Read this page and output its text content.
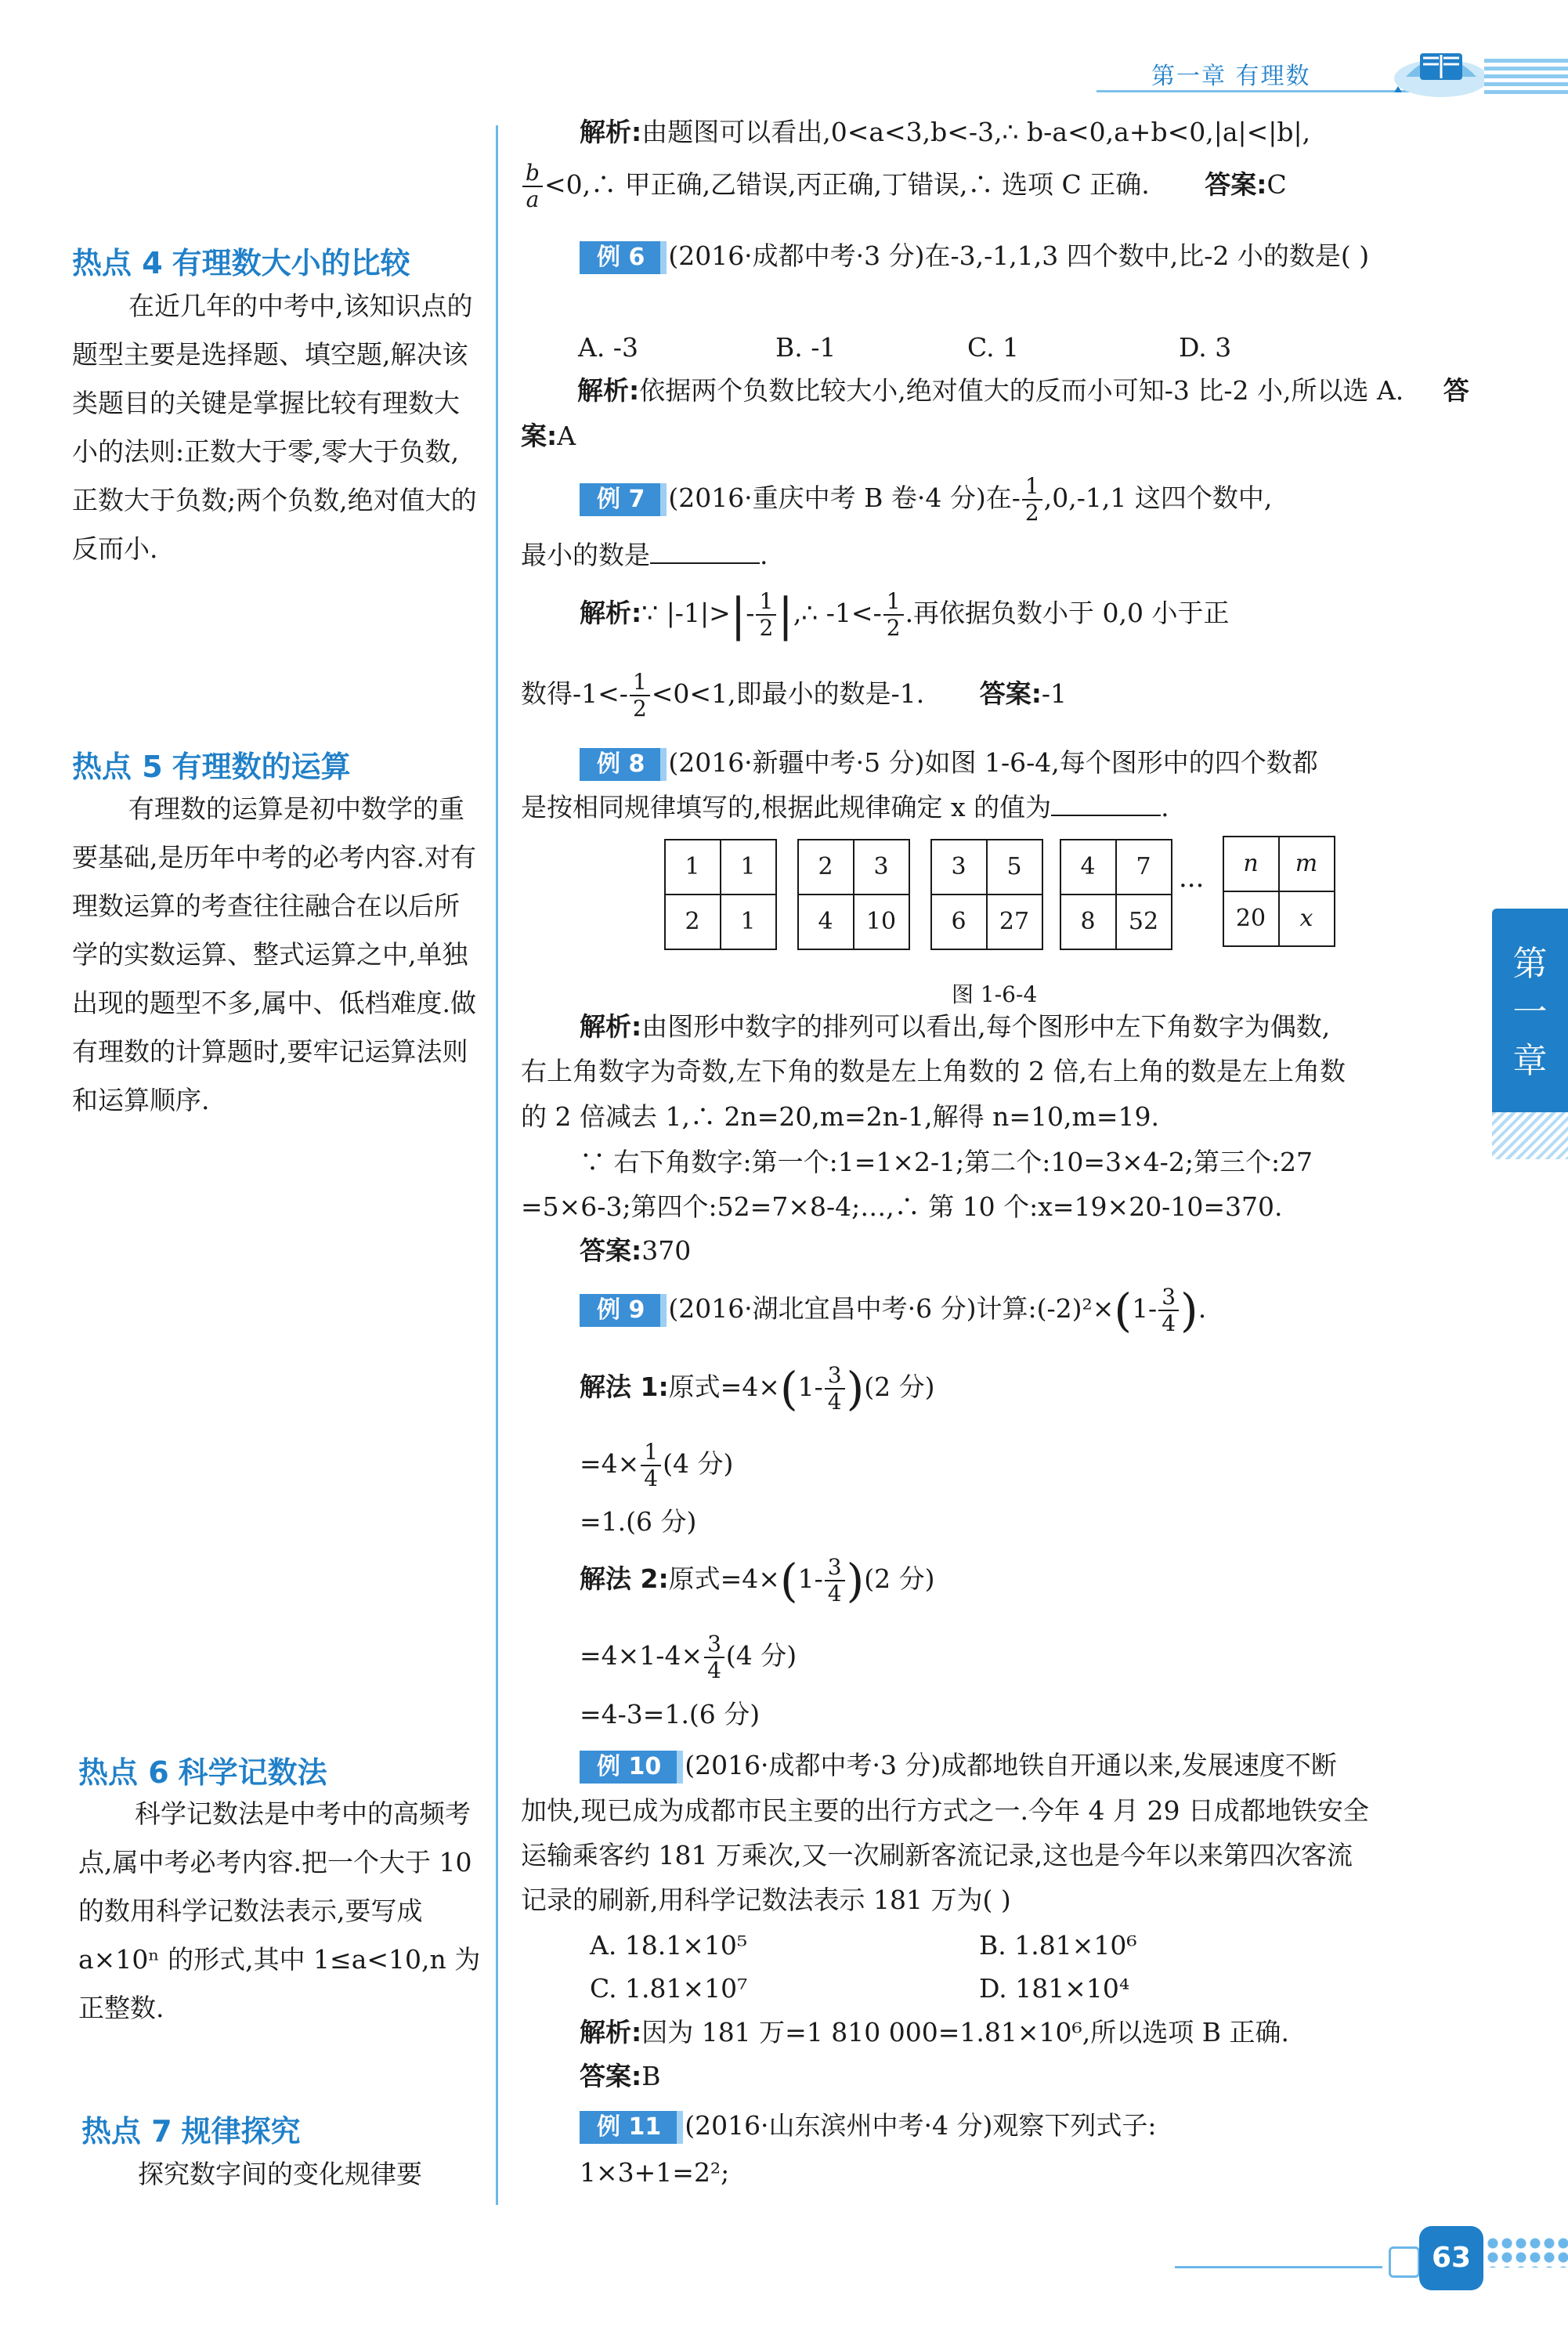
第一章 有理数
第一章
热点 4 有理数大小的比较
在近几年的中考中,该知识点的题型主要是选择题、填空题,解决该类题目的关键是掌握比较有理数大小的法则:正数大于零,零大于负数,正数大于负数;两个负数,绝对值大的反而小.
热点 5 有理数的运算
有理数的运算是初中数学的重要基础,是历年中考的必考内容.对有理数运算的考查往往融合在以后所学的实数运算、整式运算之中,单独出现的题型不多,属中、低档难度.做有理数的计算题时,要牢记运算法则和运算顺序.
热点 6 科学记数法
科学记数法是中考中的高频考点,属中考必考内容.把一个大于 10 的数用科学记数法表示,要写成a×10ⁿ 的形式,其中 1≤a<10,n 为正整数.
热点 7 规律探究
探究数字间的变化规律要
解析:由题图可以看出,0<a<3,b<-3,∴ b-a<0,a+b<0,|a|<|b|,
$\frac{b}{a}$ <0,∴ 甲正确,乙错误,丙正确,丁错误,∴ 选项 C 正确. 答案:C
例 6 (2016·成都中考·3 分)在-3,-1,1,3 四个数中,比-2 小的数是( )
A. -3	B. -1	C. 1	D. 3
解析:依据两个负数比较大小,绝对值大的反而小可知-3 比-2 小,所以选 A. 答案:A
例 7 (2016·重庆中考 B 卷·4 分)在- $\frac{1}{2} ,0,-1,1$ 这四个数中,
最小的数是	.
解析:∵ $|-1|>|- \frac{1}{2}$ |,∴ $-1<- \frac{1}{2}$ .再依据负数小于 0,0 小于正
数得$-1<- \frac{1}{2} <0<1$,即最小的数是-1. 答案:-1
例 8 (2016·新疆中考·5 分)如图 1-6-4,每个图形中的四个数都
是按相同规律填写的,根据此规律确定 x 的值为	.
1	1
2	1
2	3
4	10
3	5
6	27
4	7
8	52
···
n	m
20	x
图 1-6-4
解析:由图形中数字的排列可以看出,每个图形中左下角数字为偶数,
右上角数字为奇数,左下角的数是左上角数的 2 倍,右上角的数是左上角数
的 2 倍减去 1,∴ 2n=20,m=2n-1,解得 n=10,m=19.
∵ 右下角数字:第一个:1=1×2-1;第二个:10=3×4-2;第三个:27
=5×6-3;第四个:52=7×8-4;…,∴ 第 10 个:x=19×20-10=370.
答案:370
例 9 (2016·湖北宜昌中考·6 分)计算:(-2)²×(1- $\frac{3}{4}$ ).
解法 1:原式$=4\times(1- \frac{3}{4} )(2$ 分)
$=4\times \frac{1}{4} (4$ 分)
=1.(6 分)
解法 2:原式$=4\times(1- \frac{3}{4} )(2$ 分)
$=4\times 1-4\times \frac{3}{4} (4$ 分)
=4-3=1.(6 分)
例 10 (2016·成都中考·3 分)成都地铁自开通以来,发展速度不断
加快,现已成为成都市民主要的出行方式之一.今年 4 月 29 日成都地铁安全
运输乘客约 181 万乘次,又一次刷新客流记录,这也是今年以来第四次客流
记录的刷新,用科学记数法表示 181 万为( )
A. 18.1×10⁵	B. 1.81×10⁶
C. 1.81×10⁷	D. 181×10⁴
解析:因为 181 万=1 810 000=1.81×10⁶,所以选项 B 正确.
答案:B
例 11 (2016·山东滨州中考·4 分)观察下列式子:
1×3+1=2²;
63
